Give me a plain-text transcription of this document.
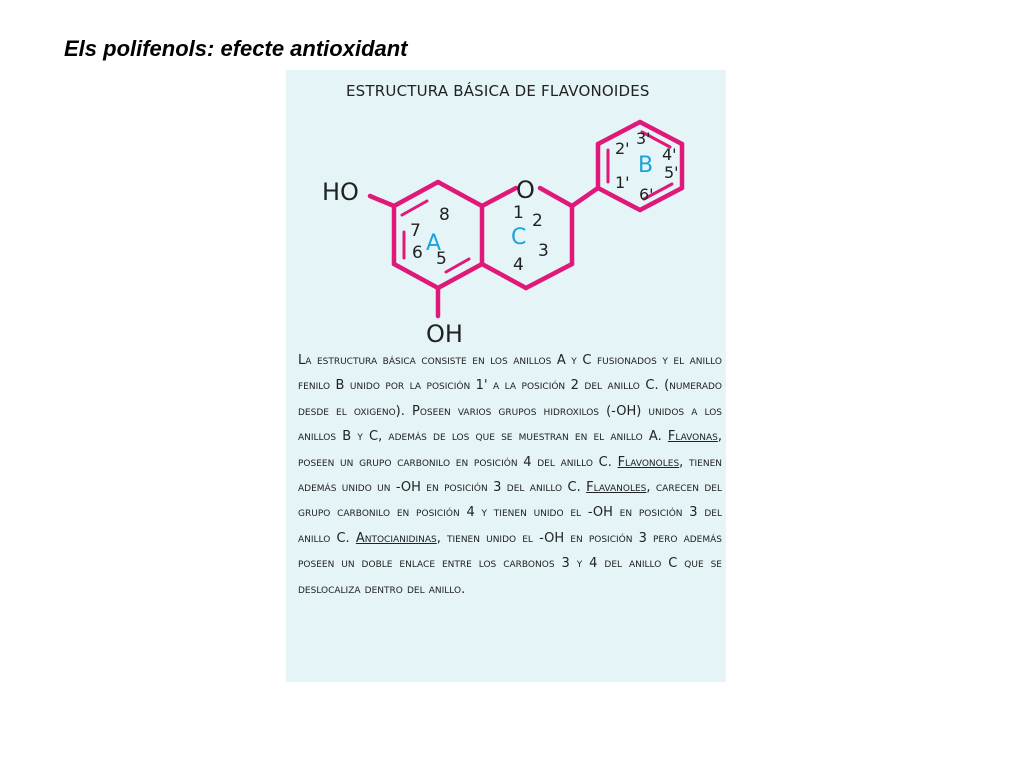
Els polifenols: efecte antioxidant
ESTRUCTURA BÁSICA DE FLAVONOIDES
HO
OH
O
A	C
B
8
7
6 5
1 2
3
4
2'
3'
4'
5'
6'
1'
La estructura básica consiste en los anillos A y C fusionados y el anillo fenilo B unido por la posición 1' a la posición 2 del anillo C. (numerado desde el oxigeno). Poseen varios grupos hidroxilos (-OH) unidos a los anillos B y C, además de los que se muestran en el anillo A. Flavonas, poseen un grupo carbonilo en posición 4 del anillo C. Flavonoles, tienen además unido un -OH en posición 3 del anillo C. Flavanoles, carecen del grupo carbonilo en posición 4 y tienen unido el -OH en posición 3 del anillo C. Antocianidinas, tienen unido el -OH en posición 3 pero además poseen un doble enlace entre los carbonos 3 y 4 del anillo C que se deslocaliza dentro del anillo.
